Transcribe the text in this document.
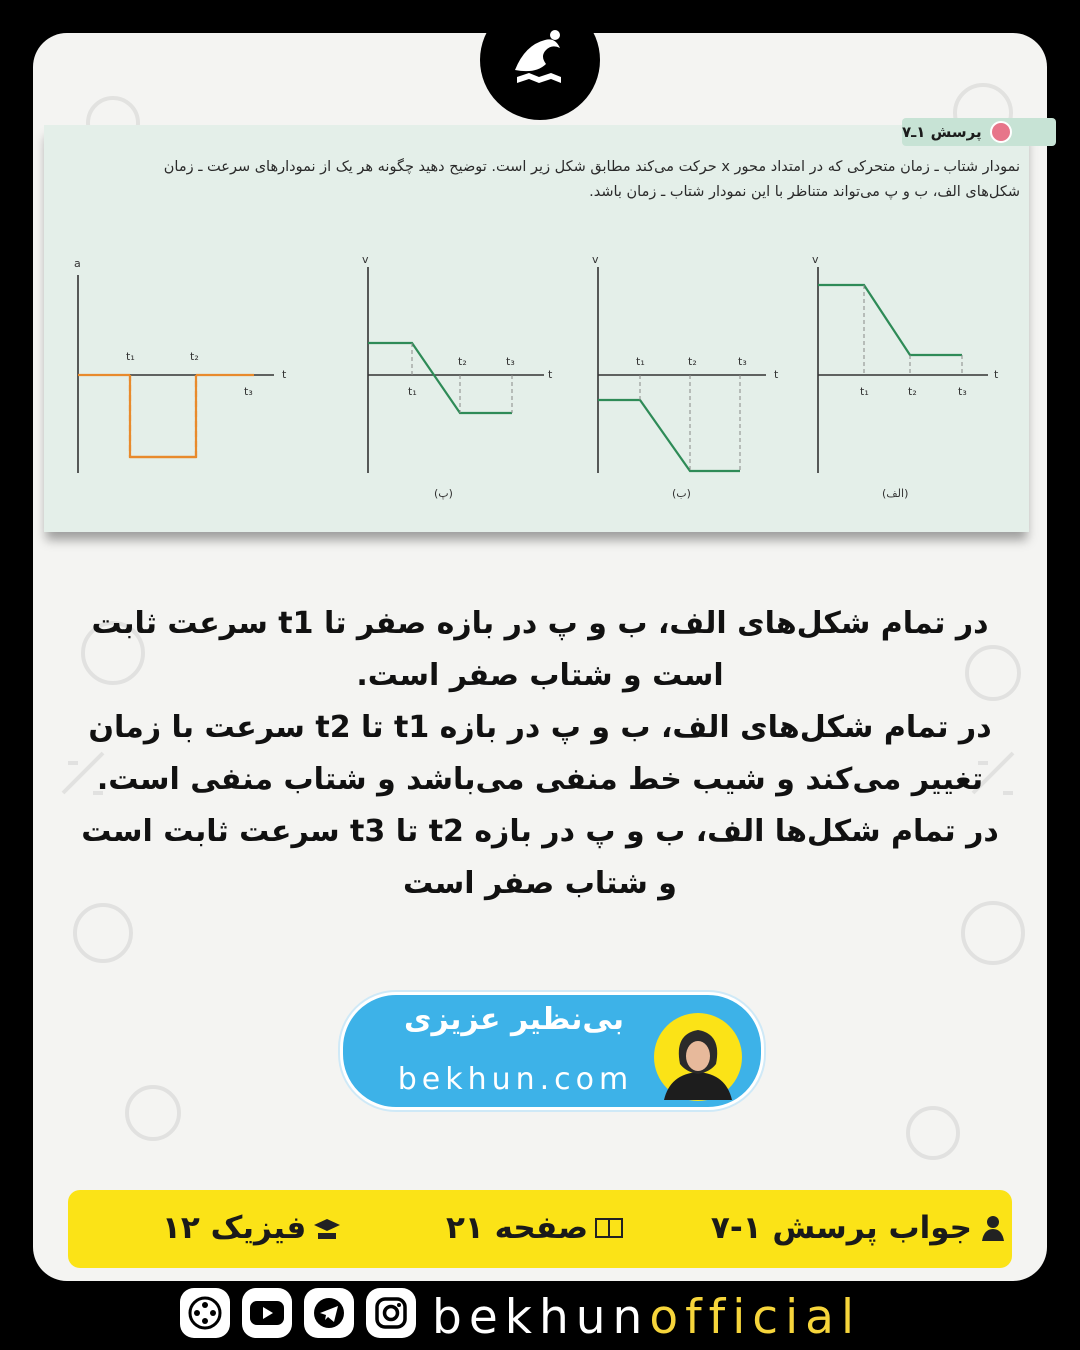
پرسش ۱ـ۷
نمودار شتاب ـ زمان متحرکی که در امتداد محور x حرکت می‌کند مطابق شکل زیر است. توضیح دهید چگونه هر یک از نمودارهای سرعت ـ زمان شکل‌های الف، ب و پ می‌تواند متناظر با این نمودار شتاب ـ زمان باشد.
a
t
t₁	t₂
t₃
v
t
t₁
t₂	t₃
(پ)
v
t
t₁	t₂	t₃
(ب)
v
t
t₁	t₂	t₃
(الف)

در تمام شکل‌های الف، ب و پ در بازه صفر تا t1 سرعت ثابت است و شتاب صفر است.

در تمام شکل‌های الف، ب و پ در بازه t1 تا t2 سرعت با زمان تغییر می‌کند و شیب خط منفی می‌باشد و شتاب منفی است.

در تمام شکل‌ها الف، ب و پ در بازه t2 تا t3 سرعت ثابت است و شتاب صفر است

بی‌نظیر عزیزی
bekhun.com
جواب پرسش ۱-۷
صفحه ۲۱
فیزیک ۱۲
bekhunofficial
